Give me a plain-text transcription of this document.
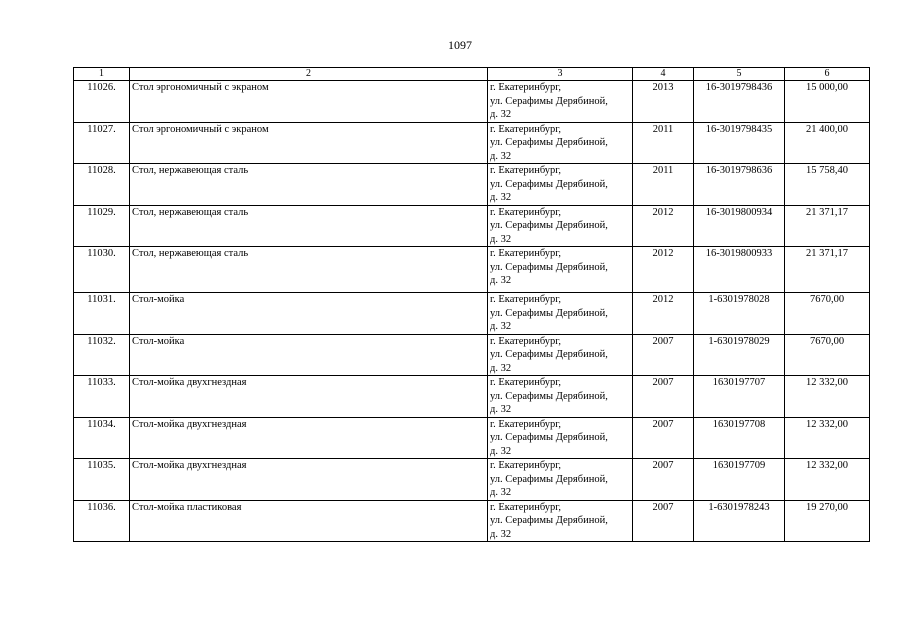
1097
1	2	3	4	5	6
11026.	Стол эргономичный с экраном	г. Екатеринбург,
ул. Серафимы Дерябиной,
д. 32	2013	16-3019798436	15 000,00
11027.	Стол эргономичный с экраном	г. Екатеринбург,
ул. Серафимы Дерябиной,
д. 32	2011	16-3019798435	21 400,00
11028.	Стол, нержавеющая сталь	г. Екатеринбург,
ул. Серафимы Дерябиной,
д. 32	2011	16-3019798636	15 758,40
11029.	Стол, нержавеющая сталь	г. Екатеринбург,
ул. Серафимы Дерябиной,
д. 32	2012	16-3019800934	21 371,17
11030.	Стол, нержавеющая сталь	г. Екатеринбург,
ул. Серафимы Дерябиной,
д. 32	2012	16-3019800933	21 371,17
11031.	Стол-мойка	г. Екатеринбург,
ул. Серафимы Дерябиной,
д. 32	2012	1-6301978028	7670,00
11032.	Стол-мойка	г. Екатеринбург,
ул. Серафимы Дерябиной,
д. 32	2007	1-6301978029	7670,00
11033.	Стол-мойка двухгнездная	г. Екатеринбург,
ул. Серафимы Дерябиной,
д. 32	2007	1630197707	12 332,00
11034.	Стол-мойка двухгнездная	г. Екатеринбург,
ул. Серафимы Дерябиной,
д. 32	2007	1630197708	12 332,00
11035.	Стол-мойка двухгнездная	г. Екатеринбург,
ул. Серафимы Дерябиной,
д. 32	2007	1630197709	12 332,00
11036.	Стол-мойка пластиковая	г. Екатеринбург,
ул. Серафимы Дерябиной,
д. 32	2007	1-6301978243	19 270,00
